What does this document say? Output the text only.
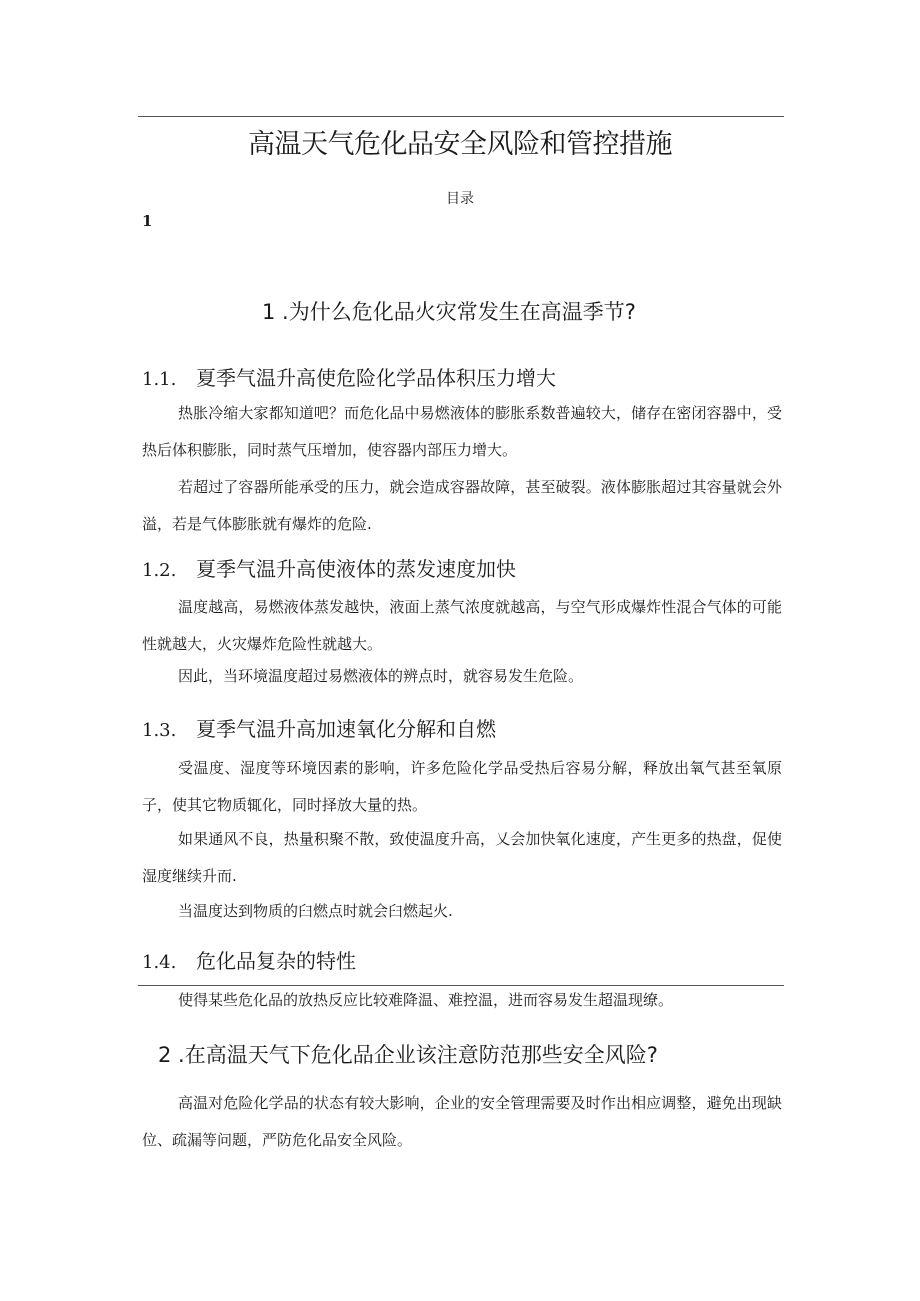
高温天气危化品安全风险和管控措施
目录
1
1 .为什么危化品火灾常发生在高温季节?
1.1. 夏季气温升高使危险化学品体积压力增大
热胀冷缩大家都知道吧？而危化品中易燃液体的膨胀系数普遍较大，储存在密闭容器中，受热后体积膨胀，同时蒸气压增加，使容器内部压力增大。
若超过了容器所能承受的压力，就会造成容器故障，甚至破裂。液体膨胀超过其容量就会外溢，若是气体膨胀就有爆炸的危险.
1.2. 夏季气温升高使液体的蒸发速度加快
温度越高，易燃液体蒸发越快，液面上蒸气浓度就越高，与空气形成爆炸性混合气体的可能性就越大，火灾爆炸危险性就越大。
因此，当环境温度超过易燃液体的辨点时，就容易发生危险。
1.3. 夏季气温升高加速氧化分解和自燃
受温度、湿度等环境因素的影响，许多危险化学品受热后容易分解，释放出氧气甚至氧原子，使其它物质辄化，同时择放大量的热。
如果通风不良，热量积聚不散，致使温度升高，乂会加快氧化速度，产生更多的热盘，促使湿度继续升而.
当温度达到物质的臼燃点时就会臼燃起火.
1.4. 危化品复杂的特性
使得某些危化品的放热反应比较难降温、难控温，进而容易发生超温现缭。
2 .在高温天气下危化品企业该注意防范那些安全风险?
高温对危险化学品的状态有较大影响，企业的安全管理需要及时作出相应调整，避免出现缺位、疏漏等问题，严防危化品安全风险。
